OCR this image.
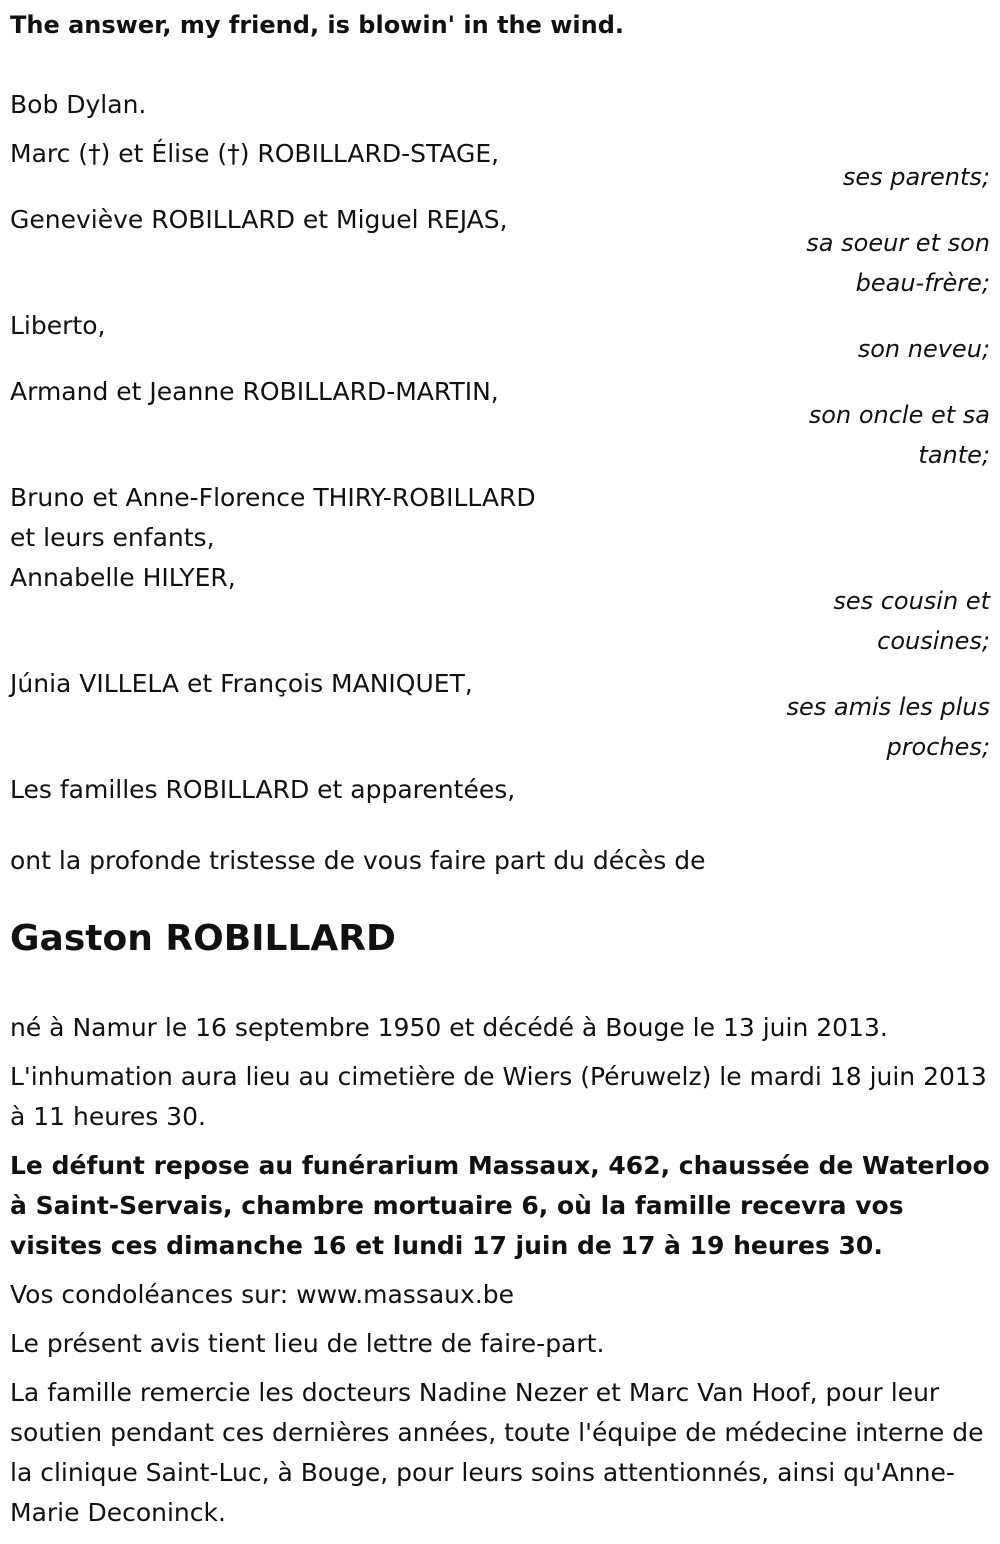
The answer, my friend, is blowin' in the wind.
Bob Dylan.
Marc (†) et Élise (†) ROBILLARD-STAGE,
ses parents;
Geneviève ROBILLARD et Miguel REJAS,
sa soeur et son
beau-frère;
Liberto,
son neveu;
Armand et Jeanne ROBILLARD-MARTIN,
son oncle et sa
tante;
Bruno et Anne-Florence THIRY-ROBILLARD
et leurs enfants,
Annabelle HILYER,
ses cousin et
cousines;
Júnia VILLELA et François MANIQUET,
ses amis les plus
proches;
Les familles ROBILLARD et apparentées,
ont la profonde tristesse de vous faire part du décès de
Gaston ROBILLARD
né à Namur le 16 septembre 1950 et décédé à Bouge le 13 juin 2013.
L'inhumation aura lieu au cimetière de Wiers (Péruwelz) le mardi 18 juin 2013 à 11 heures 30.
Le défunt repose au funérarium Massaux, 462, chaussée de Waterloo à Saint-Servais, chambre mortuaire 6, où la famille recevra vos visites ces dimanche 16 et lundi 17 juin de 17 à 19 heures 30.
Vos condoléances sur: www.massaux.be
Le présent avis tient lieu de lettre de faire-part.
La famille remercie les docteurs Nadine Nezer et Marc Van Hoof, pour leur soutien pendant ces dernières années, toute l'équipe de médecine interne de la clinique Saint-Luc, à Bouge, pour leurs soins attentionnés, ainsi qu'Anne-Marie Deconinck.
